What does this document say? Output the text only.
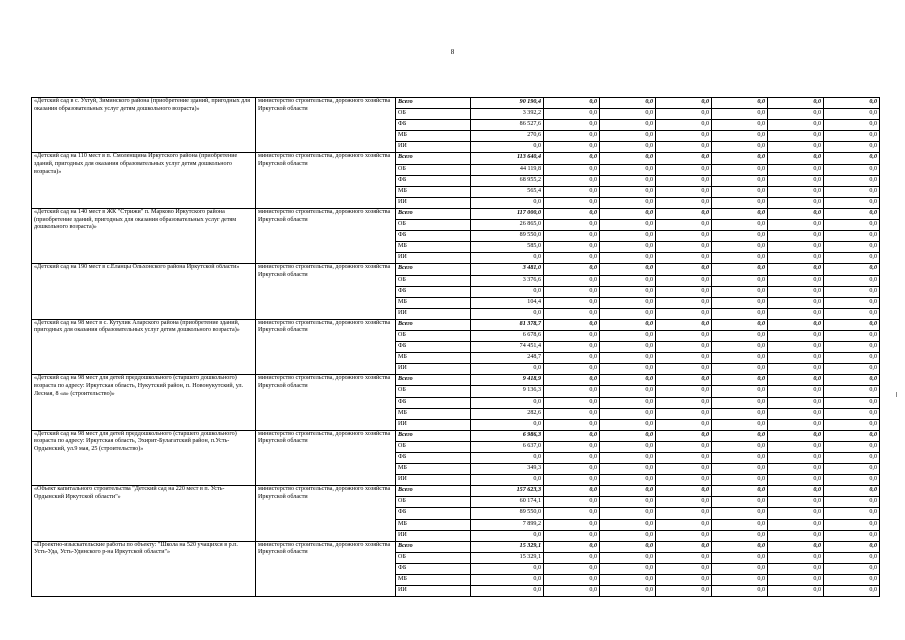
8
«Детский сад в с. Ухтуй, Зиминского района (приобретение зданий, пригодных для оказания образовательных услуг детям дошкольного возраста)»	министерство строительства, дорожного хозяйства Иркутской области	Всего	90 190,4	0,0	0,0	0,0	0,0	0,0	0,0
		ОБ	3 392,2	0,0	0,0	0,0	0,0	0,0	0,0
		ФБ	86 527,6	0,0	0,0	0,0	0,0	0,0	0,0
		МБ	270,6	0,0	0,0	0,0	0,0	0,0	0,0
		ИИ	0,0	0,0	0,0	0,0	0,0	0,0	0,0
«Детский сад на 110 мест в п. Смоленщина Иркутского района (приобретение зданий, пригодных для оказания образовательных услуг детям дошкольного возраста)»	министерство строительства, дорожного хозяйства Иркутской области	Всего	113 640,4	0,0	0,0	0,0	0,0	0,0	0,0
		ОБ	44 119,8	0,0	0,0	0,0	0,0	0,0	0,0
		ФБ	68 955,2	0,0	0,0	0,0	0,0	0,0	0,0
		МБ	565,4	0,0	0,0	0,0	0,0	0,0	0,0
		ИИ	0,0	0,0	0,0	0,0	0,0	0,0	0,0
«Детский сад на 140 мест в ЖК "Стрижи" п. Марково Иркутского района (приобретение зданий, пригодных для оказания образовательных услуг детям дошкольного возраста)»	министерство строительства, дорожного хозяйства Иркутской области	Всего	117 000,0	0,0	0,0	0,0	0,0	0,0	0,0
		ОБ	26 865,0	0,0	0,0	0,0	0,0	0,0	0,0
		ФБ	89 550,0	0,0	0,0	0,0	0,0	0,0	0,0
		МБ	585,0	0,0	0,0	0,0	0,0	0,0	0,0
		ИИ	0,0	0,0	0,0	0,0	0,0	0,0	0,0
«Детский сад на 190 мест в с.Еланцы Ольхонского района Иркутской области»	министерство строительства, дорожного хозяйства Иркутской области	Всего	3 481,0	0,0	0,0	0,0	0,0	0,0	0,0
		ОБ	3 376,6	0,0	0,0	0,0	0,0	0,0	0,0
		ФБ	0,0	0,0	0,0	0,0	0,0	0,0	0,0
		МБ	104,4	0,0	0,0	0,0	0,0	0,0	0,0
		ИИ	0,0	0,0	0,0	0,0	0,0	0,0	0,0
«Детский сад на 98 мест в с. Кутулик Аларского района (приобретение зданий, пригодных для оказания образовательных услуг детям дошкольного возраста)»	министерство строительства, дорожного хозяйства Иркутской области	Всего	81 378,7	0,0	0,0	0,0	0,0	0,0	0,0
		ОБ	6 678,6	0,0	0,0	0,0	0,0	0,0	0,0
		ФБ	74 451,4	0,0	0,0	0,0	0,0	0,0	0,0
		МБ	248,7	0,0	0,0	0,0	0,0	0,0	0,0
		ИИ	0,0	0,0	0,0	0,0	0,0	0,0	0,0
«Детский сад на 98 мест для детей преддошкольного (старшего дошкольного) возраста по адресу: Иркутская область, Нукутский район, п. Новонукутский, ул. Лесная, 8 «а» (строительство)»	министерство строительства, дорожного хозяйства Иркутской области	Всего	9 418,9	0,0	0,0	0,0	0,0	0,0	0,0
		ОБ	9 136,3	0,0	0,0	0,0	0,0	0,0	0,0
		ФБ	0,0	0,0	0,0	0,0	0,0	0,0	0,0
		МБ	282,6	0,0	0,0	0,0	0,0	0,0	0,0
		ИИ	0,0	0,0	0,0	0,0	0,0	0,0	0,0
«Детский сад на 98 мест для детей преддошкольного (старшего дошкольного) возраста по адресу: Иркутская область, Эхирит-Булагатский район, п.Усть-Ордынский, ул.9 мая, 25 (строительство)»	министерство строительства, дорожного хозяйства Иркутской области	Всего	6 986,3	0,0	0,0	0,0	0,0	0,0	0,0
		ОБ	6 637,0	0,0	0,0	0,0	0,0	0,0	0,0
		ФБ	0,0	0,0	0,0	0,0	0,0	0,0	0,0
		МБ	349,3	0,0	0,0	0,0	0,0	0,0	0,0
		ИИ	0,0	0,0	0,0	0,0	0,0	0,0	0,0
«Объект капитального строительства "Детский сад на 220 мест в п. Усть-Ордынский Иркутской области"»	министерство строительства, дорожного хозяйства Иркутской области	Всего	157 623,3	0,0	0,0	0,0	0,0	0,0	0,0
		ОБ	60 174,1	0,0	0,0	0,0	0,0	0,0	0,0
		ФБ	89 550,0	0,0	0,0	0,0	0,0	0,0	0,0
		МБ	7 899,2	0,0	0,0	0,0	0,0	0,0	0,0
		ИИ	0,0	0,0	0,0	0,0	0,0	0,0	0,0
«Проектно-изыскательские работы по объекту: "Школа на 520 учащихся в р.п. Усть-Уда, Усть-Удинского р-на Иркутской области"»	министерство строительства, дорожного хозяйства Иркутской области	Всего	15 329,1	0,0	0,0	0,0	0,0	0,0	0,0
		ОБ	15 329,1	0,0	0,0	0,0	0,0	0,0	0,0
		ФБ	0,0	0,0	0,0	0,0	0,0	0,0	0,0
		МБ	0,0	0,0	0,0	0,0	0,0	0,0	0,0
		ИИ	0,0	0,0	0,0	0,0	0,0	0,0	0,0
